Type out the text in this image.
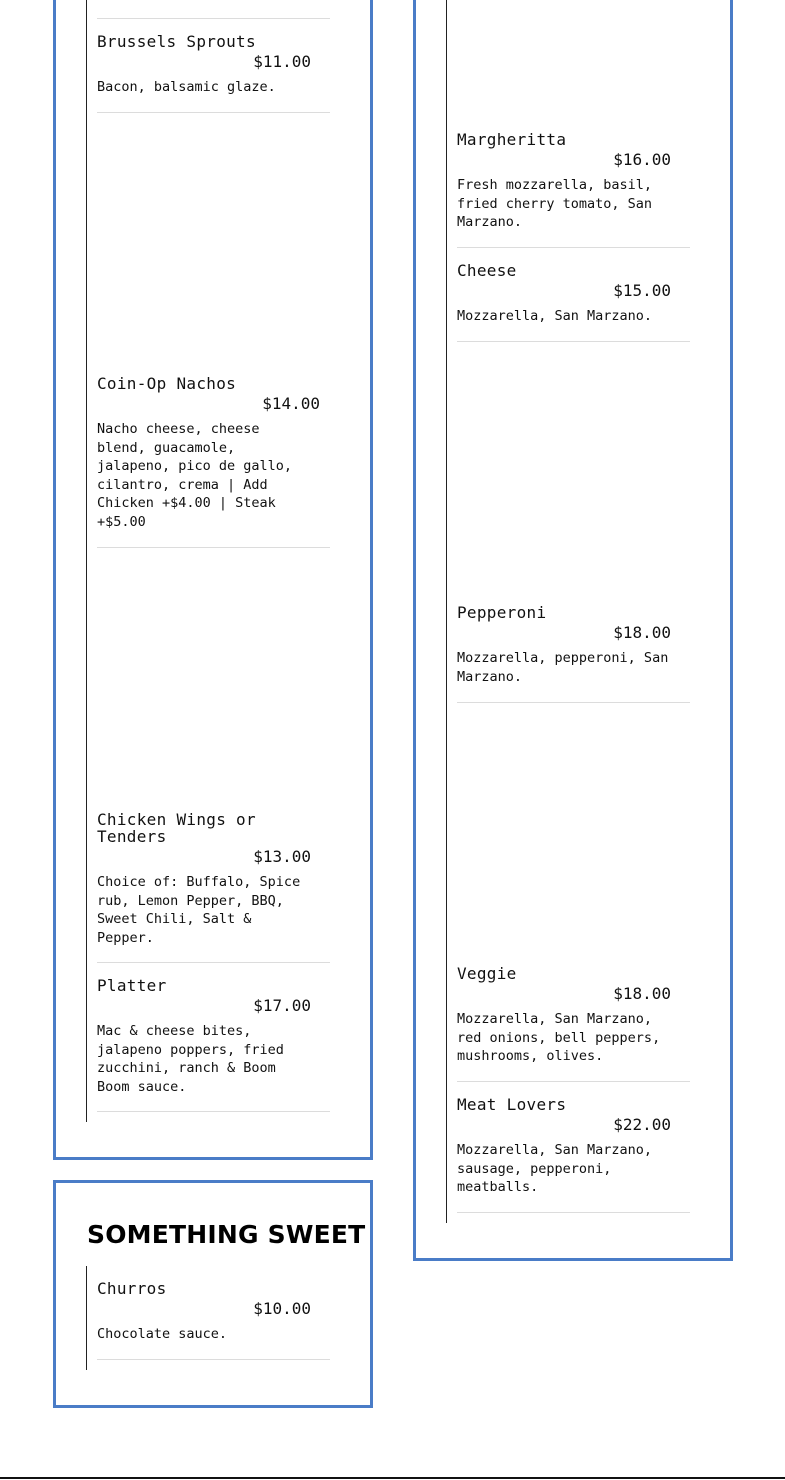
Brussels Sprouts
$11.00
Bacon, balsamic glaze.
Coin-Op Nachos
$14.00
Nacho cheese, cheese blend, guacamole, jalapeno, pico de gallo, cilantro, crema | Add Chicken +$4.00 | Steak +$5.00
Chicken Wings or Tenders
$13.00
Choice of: Buffalo, Spice rub, Lemon Pepper, BBQ, Sweet Chili, Salt & Pepper.
Platter
$17.00
Mac & cheese bites, jalapeno poppers, fried zucchini, ranch & Boom Boom sauce.
SOMETHING SWEET
Churros
$10.00
Chocolate sauce.
Margheritta
$16.00
Fresh mozzarella, basil, fried cherry tomato, San Marzano.
Cheese
$15.00
Mozzarella, San Marzano.
Pepperoni
$18.00
Mozzarella, pepperoni, San Marzano.
Veggie
$18.00
Mozzarella, San Marzano, red onions, bell peppers, mushrooms, olives.
Meat Lovers
$22.00
Mozzarella, San Marzano, sausage, pepperoni, meatballs.
